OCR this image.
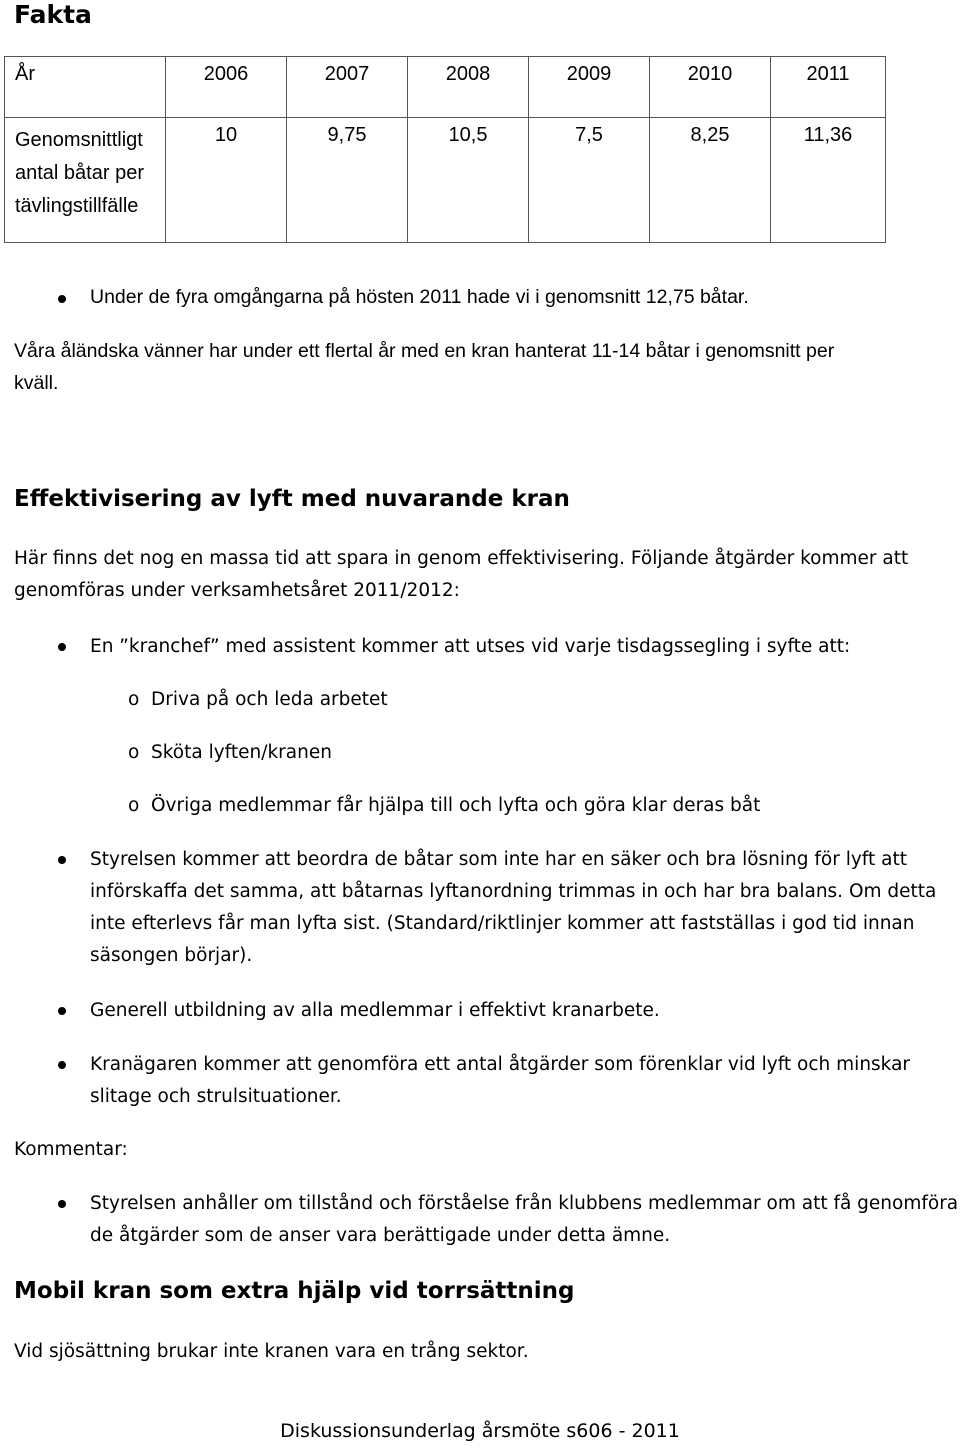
Fakta
År	2006	2007	2008	2009	2010	2011

Genomsnittligt
antal båtar per
tävlingstillfälle	10	9,75	10,5	7,5	8,25	11,36
Under de fyra omgångarna på hösten 2011 hade vi i genomsnitt 12,75 båtar.
Våra åländska vänner har under ett flertal år med en kran hanterat 11-14 båtar i genomsnitt per
kväll.
Effektivisering av lyft med nuvarande kran
Här finns det nog en massa tid att spara in genom effektivisering. Följande åtgärder kommer att
genomföras under verksamhetsåret 2011/2012:
En ”kranchef” med assistent kommer att utses vid varje tisdagssegling i syfte att:
o Driva på och leda arbetet
o Sköta lyften/kranen
o Övriga medlemmar får hjälpa till och lyfta och göra klar deras båt
Styrelsen kommer att beordra de båtar som inte har en säker och bra lösning för lyft att
införskaffa det samma, att båtarnas lyftanordning trimmas in och har bra balans. Om detta
inte efterlevs får man lyfta sist. (Standard/riktlinjer kommer att fastställas i god tid innan
säsongen börjar).
Generell utbildning av alla medlemmar i effektivt kranarbete.
Kranägaren kommer att genomföra ett antal åtgärder som förenklar vid lyft och minskar
slitage och strulsituationer.
Kommentar:
Styrelsen anhåller om tillstånd och förståelse från klubbens medlemmar om att få genomföra
de åtgärder som de anser vara berättigade under detta ämne.
Mobil kran som extra hjälp vid torrsättning
Vid sjösättning brukar inte kranen vara en trång sektor.
Diskussionsunderlag årsmöte s606 - 2011
